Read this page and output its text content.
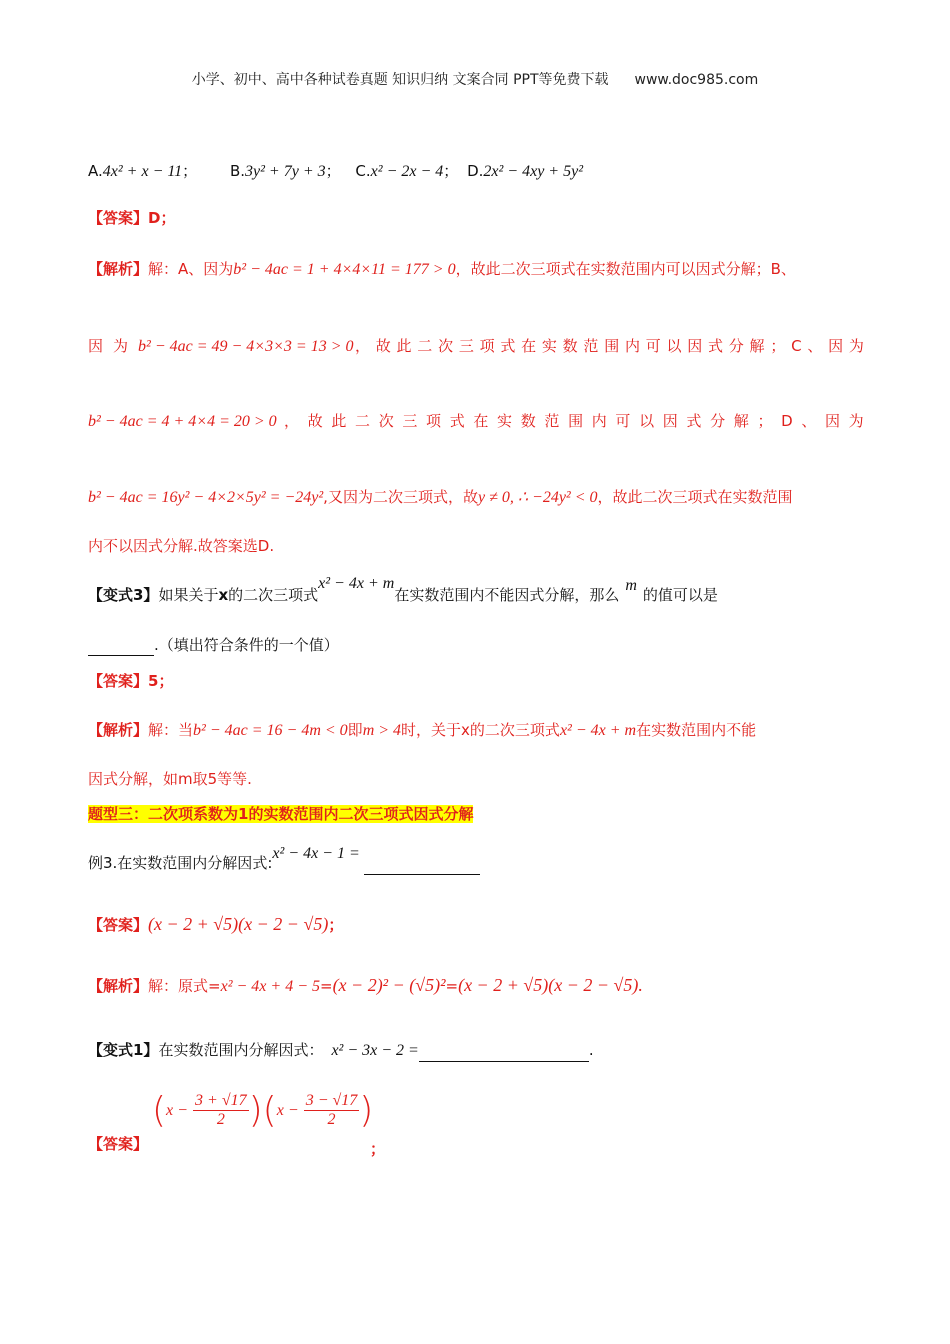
小学、初中、高中各种试卷真题 知识归纳 文案合同 PPT等免费下载 www.doc985.com
A.4x² + x − 11； B.3y² + 7y + 3； C.x² − 2x − 4； D.2x² − 4xy + 5y²
【答案】D；
【解析】解：A、因为b² − 4ac = 1 + 4×4×11 = 177 > 0，故此二次三项式在实数范围内可以因式分解；B、
因为b² − 4ac = 49 − 4×3×3 = 13 > 0 ， 故 此 二 次 三 项 式 在 实 数 范 围 内 可 以 因 式 分 解 ； C 、 因 为
b² − 4ac = 4 + 4×4 = 20 > 0 ， 故 此 二 次 三 项 式 在 实 数 范 围 内 可 以 因 式 分 解 ； D 、 因 为
b² − 4ac = 16y² − 4×2×5y² = −24y²,又因为二次三项式，故y ≠ 0, ∴ −24y² < 0，故此二次三项式在实数范围
内不以因式分解.故答案选D.
【变式3】如果关于x的二次三项式x² − 4x + m在实数范围内不能因式分解，那么m的值可以是
.（填出符合条件的一个值）
【答案】5；
【解析】解：当b² − 4ac = 16 − 4m < 0即m > 4时，关于x的二次三项式x² − 4x + m在实数范围内不能
因式分解，如m取5等等.
题型三：二次项系数为1的实数范围内二次三项式因式分解
例3.在实数范围内分解因式:x² − 4x − 1 =
【答案】(x − 2 + √5)(x − 2 − √5)；
【解析】解：原式=x² − 4x + 4 − 5=(x − 2)² − (√5)²=(x − 2 + √5)(x − 2 − √5).
【变式1】在实数范围内分解因式： x² − 3x − 2 =	.
【答案】
$(x - \frac{3 + √17}{2} )(x - \frac{3 - √17}{2}$ )
；
